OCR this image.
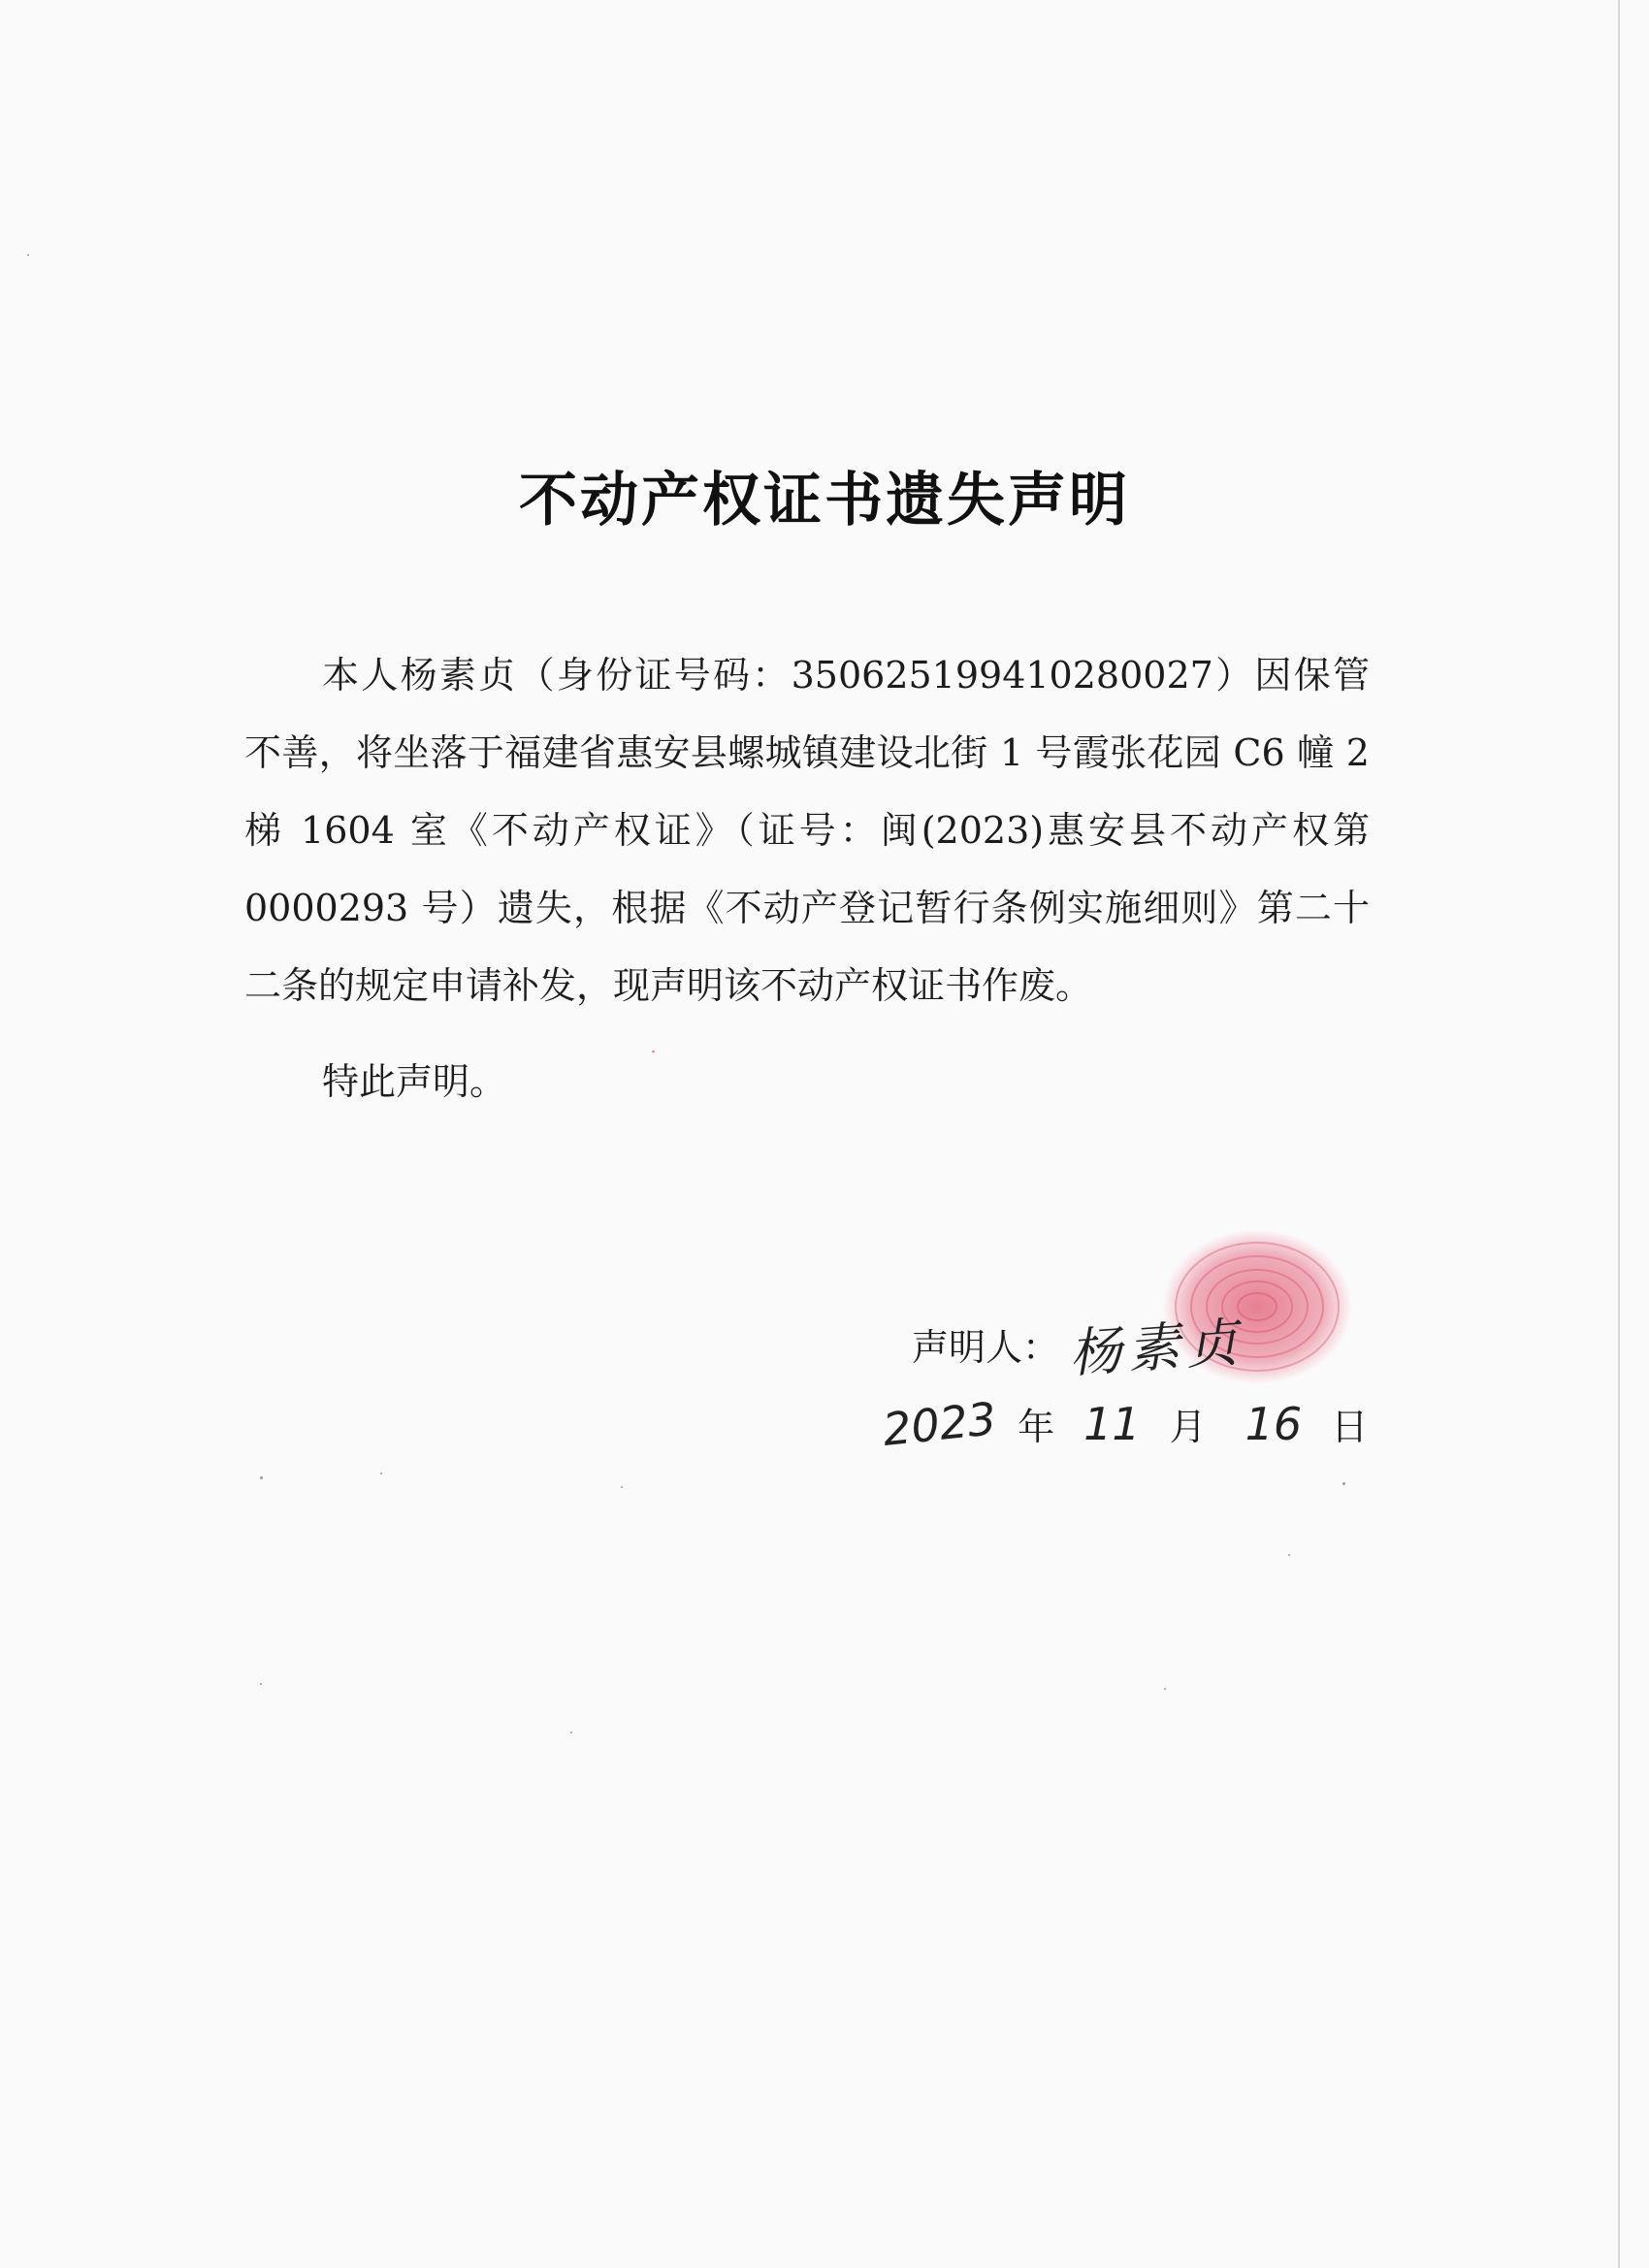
不动产权证书遗失声明
本人杨素贞（身份证号码：350625199410280027）因保管不善，将坐落于福建省惠安县螺城镇建设北街 1 号霞张花园 C6 幢 2 梯 1604 室《不动产权证》（证号：闽(2023)惠安县不动产权第 0000293 号）遗失，根据《不动产登记暂行条例实施细则》第二十二条的规定申请补发，现声明该不动产权证书作废。
特此声明。
声明人： 杨素贞
2023 年 11 月 16 日
